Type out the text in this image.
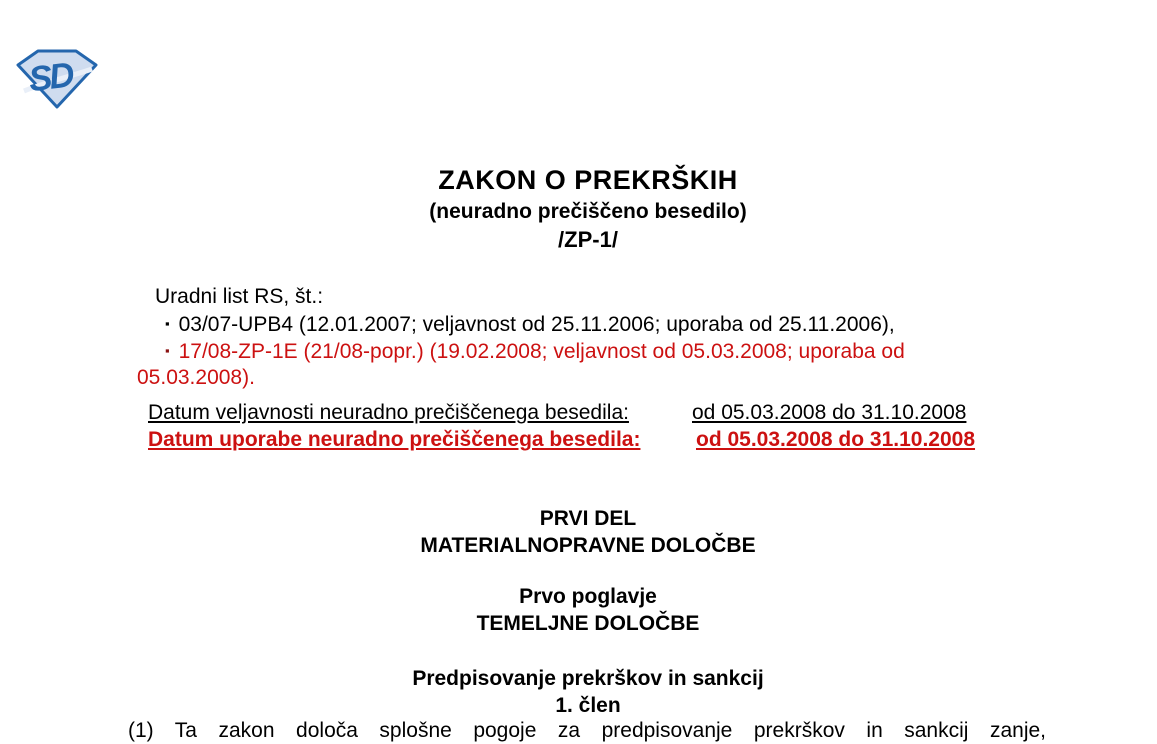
SD
ZAKON O PREKRŠKIH
(neuradno prečiščeno besedilo)
/ZP-1/
Uradni list RS, št.:
▪ 03/07-UPB4 (12.01.2007; veljavnost od 25.11.2006; uporaba od 25.11.2006),
▪ 17/08-ZP-1E (21/08-popr.) (19.02.2008; veljavnost od 05.03.2008; uporaba od
05.03.2008).
Datum veljavnosti neuradno prečiščenega besedila:	od 05.03.2008 do 31.10.2008
Datum uporabe neuradno prečiščenega besedila:	od 05.03.2008 do 31.10.2008
PRVI DEL
MATERIALNOPRAVNE DOLOČBE
Prvo poglavje
TEMELJNE DOLOČBE
Predpisovanje prekrškov in sankcij
1. člen
(1) Ta zakon določa splošne pogoje za predpisovanje prekrškov in sankcij zanje,
